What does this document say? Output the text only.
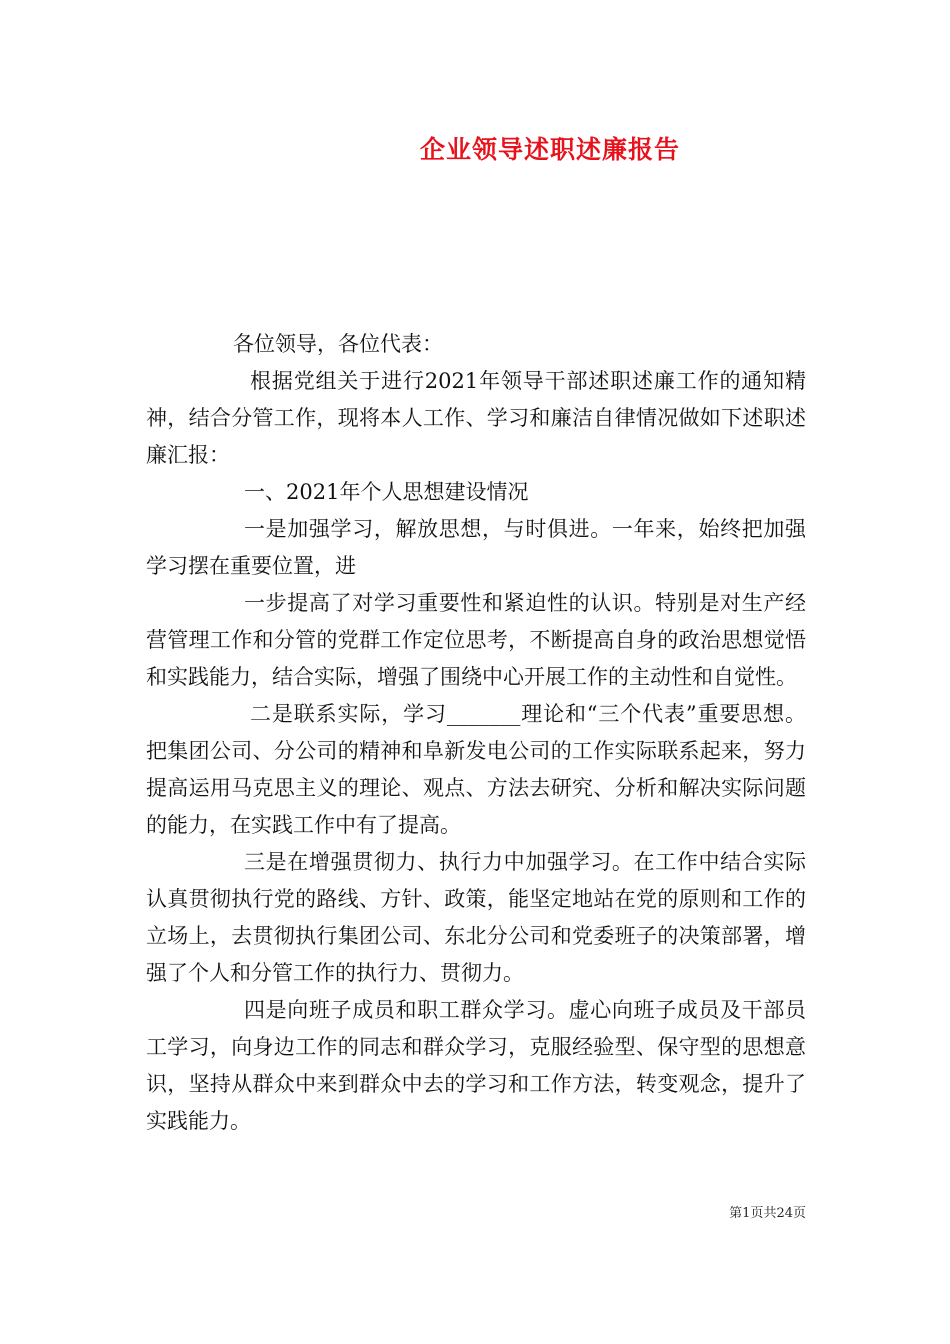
企业领导述职述廉报告

各位领导，各位代表：

根据党组关于进行2021年领导干部述职述廉工作的通知精神，结合分管工作，现将本人工作、学习和廉洁自律情况做如下述职述廉汇报：

一、2021年个人思想建设情况

一是加强学习，解放思想，与时俱进。一年来，始终把加强学习摆在重要位置，进

一步提高了对学习重要性和紧迫性的认识。特别是对生产经营管理工作和分管的党群工作定位思考，不断提高自身的政治思想觉悟和实践能力，结合实际，增强了围绕中心开展工作的主动性和自觉性。

二是联系实际，学习_______理论和“三个代表”重要思想。把集团公司、分公司的精神和阜新发电公司的工作实际联系起来，努力提高运用马克思主义的理论、观点、方法去研究、分析和解决实际问题的能力，在实践工作中有了提高。

三是在增强贯彻力、执行力中加强学习。在工作中结合实际认真贯彻执行党的路线、方针、政策，能坚定地站在党的原则和工作的立场上，去贯彻执行集团公司、东北分公司和党委班子的决策部署，增强了个人和分管工作的执行力、贯彻力。

四是向班子成员和职工群众学习。虚心向班子成员及干部员工学习，向身边工作的同志和群众学习，克服经验型、保守型的思想意识，坚持从群众中来到群众中去的学习和工作方法，转变观念，提升了实践能力。

第1页共24页
